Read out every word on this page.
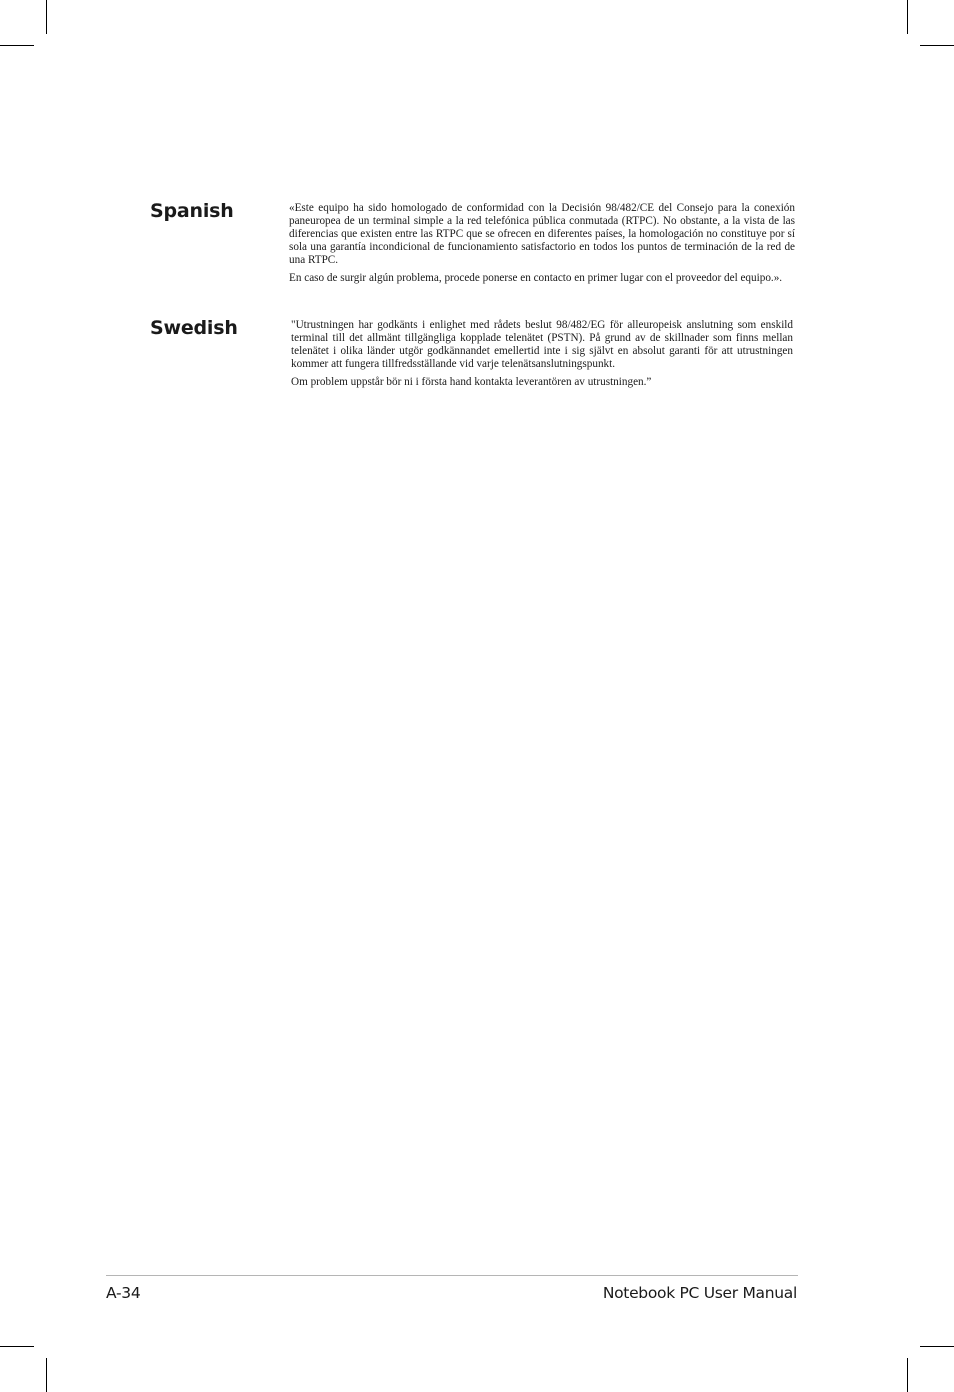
Spanish	«Este equipo ha sido homologado de conformidad con la Decisión 98/482/CE del Consejo para la conexión paneuropea de un terminal simple a la red telefónica pública conmutada (RTPC). No obstante, a la vista de las diferencias que existen entre las RTPC que se ofrecen en diferentes países, la homologación no constituye por sí sola una garantía incondicional de funcionamiento satisfactorio en todos los puntos de terminación de la red de una RTPC.

En caso de surgir algún problema, procede ponerse en contacto en primer lugar con el proveedor del equipo.».

Swedish	"Utrustningen har godkänts i enlighet med rådets beslut 98/482/EG för alleuropeisk anslutning som enskild terminal till det allmänt tillgängliga kopplade telenätet (PSTN). På grund av de skillnader som finns mellan telenätet i olika länder utgör godkännandet emellertid inte i sig självt en absolut garanti för att utrustningen kommer att fungera tillfredsställande vid varje telenätsanslutningspunkt.

Om problem uppstår bör ni i första hand kontakta leverantören av utrustningen.”

A-34	Notebook PC User Manual
